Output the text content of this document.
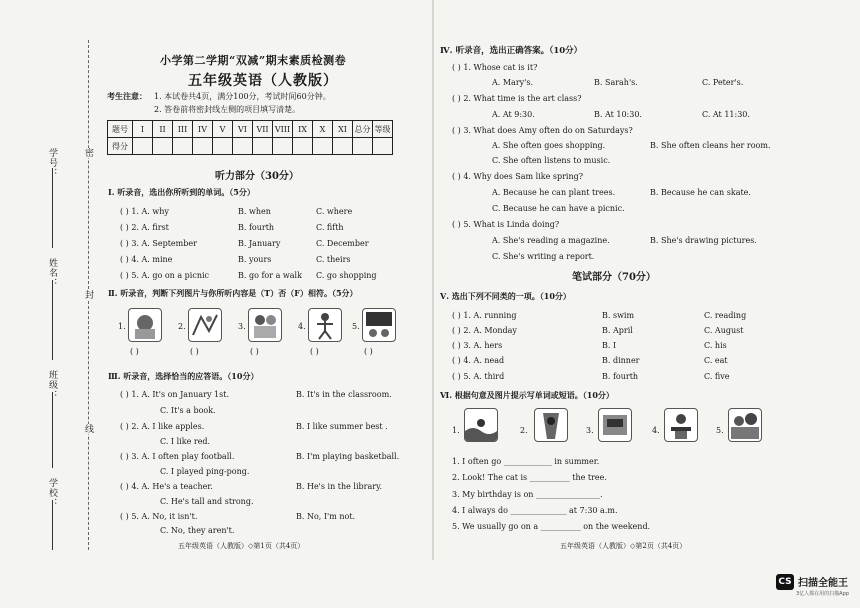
学号：
姓名：
班级：
学校：
密
封
线
小学第二学期“双减”期末素质检测卷
五年级英语（人教版）
考生注意： 1. 本试卷共4页，满分100分，考试时间60分钟。
2. 答卷前将密封线左侧的项目填写清楚。
题号	I	II	III	IV	V	VI	VII	VIII	IX	X	XI	总分	等级
得分													
听力部分（30分）
Ⅰ. 听录音，选出你所听到的单词。（5分）
( ) 1. A. why	B. when	C. where
( ) 2. A. first	B. fourth	C. fifth
( ) 3. A. September	B. January	C. December
( ) 4. A. mine	B. yours	C. theirs
( ) 5. A. go on a picnic	B. go for a walk C. go shopping
Ⅱ. 听录音，判断下列图片与你所听内容是（T）否（F）相符。（5分）
1.	2.	3.	4.	5.
( )	( )	( )	( )	( )
Ⅲ. 听录音，选择恰当的应答语。（10分）
( ) 1. A. It's on January 1st.	B. It's in the classroom.
C. It's a book.
( ) 2. A. I like apples.	B. I like summer best .
C. I like red.
( ) 3. A. I often play football.	B. I'm playing basketball.
C. I played ping-pong.
( ) 4. A. He's a teacher.	B. He's in the library.
C. He's tall and strong.
( ) 5. A. No, it isn't.	B. No, I'm not.
C. No, they aren't.
五年级英语（人教版）◇第1页（共4页）
Ⅳ. 听录音，选出正确答案。（10分）
( ) 1. Whose cat is it?
A. Mary's.	B. Sarah's.	C. Peter's.
( ) 2. What time is the art class?
A. At 9:30.	B. At 10:30.	C. At 11:30.
( ) 3. What does Amy often do on Saturdays?
A. She often goes shopping.	B. She often cleans her room.
C. She often listens to music.
( ) 4. Why does Sam like spring?
A. Because he can plant trees.	B. Because he can skate.
C. Because he can have a picnic.
( ) 5. What is Linda doing?
A. She's reading a magazine.	B. She's drawing pictures.
C. She's writing a report.
笔试部分（70分）
Ⅴ. 选出下列不同类的一项。（10分）
( ) 1. A. running	B. swim	C. reading
( ) 2. A. Monday	B. April	C. August
( ) 3. A. hers	B. I	C. his
( ) 4. A. nead	B. dinner	C. eat
( ) 5. A. third	B. fourth	C. five
Ⅵ. 根据句意及图片提示写单词或短语。（10分）
1.	2.	3.	4.	5.
1. I often go ____________ in summer.
2. Look! The cat is __________ the tree.
3. My birthday is on ________________.
4. I always do ______________ at 7:30 a.m.
5. We usually go on a __________ on the weekend.
五年级英语（人教版）◇第2页（共4页）
CS 扫描全能王
3亿人都在用的扫描App
